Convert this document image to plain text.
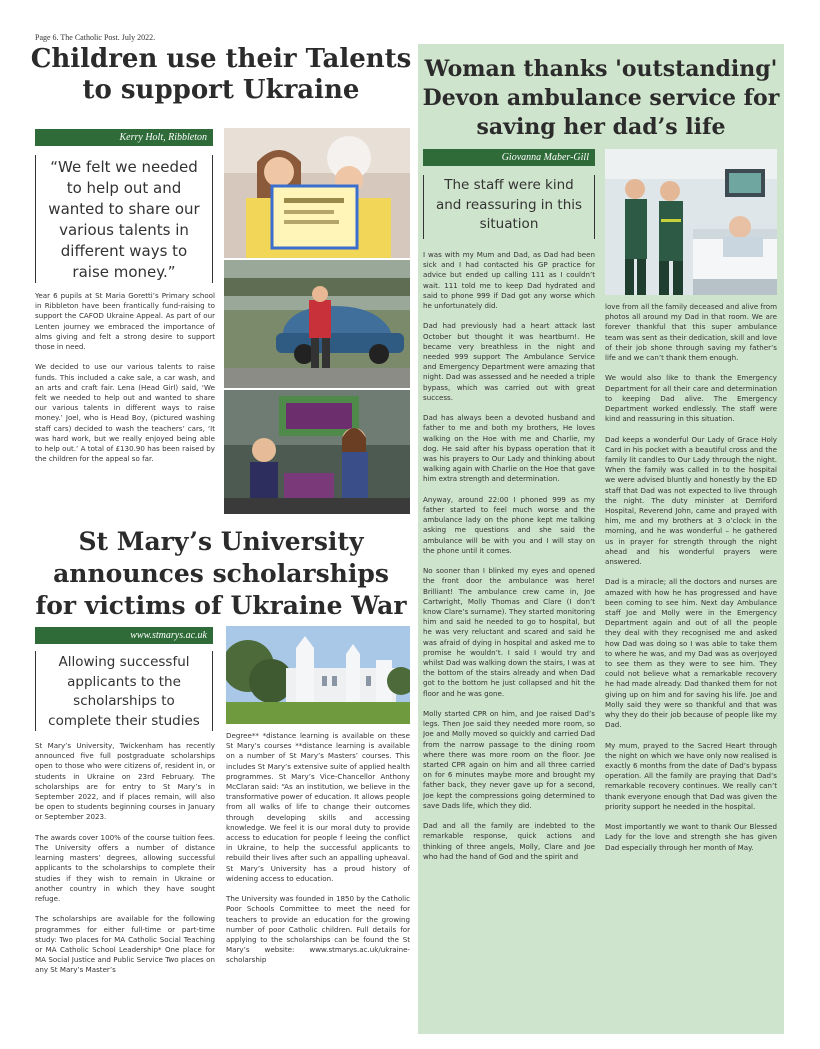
Page 6. The Catholic Post. July 2022.
Children use their Talents to support Ukraine
Kerry Holt, Ribbleton
“We felt we needed to help out and wanted to share our various talents in different ways to raise money.”

Year 6 pupils at St Maria Goretti’s Primary school in Ribbleton have been frantically fund-raising to support the CAFOD Ukraine Appeal. As part of our Lenten journey we embraced the importance of alms giving and felt a strong desire to support those in need.

We decided to use our various talents to raise funds. This included a cake sale, a car wash, and an arts and craft fair. Lena (Head Girl) said, ‘We felt we needed to help out and wanted to share our various talents in different ways to raise money.’ Joel, who is Head Boy, (pictured washing staff cars) decided to wash the teachers’ cars, ‘It was hard work, but we really enjoyed being able to help out.’ A total of £130.90 has been raised by the children for the appeal so far.

St Mary’s University announces scholarships for victims of Ukraine War
www.stmarys.ac.uk
Allowing successful applicants to the scholarships to complete their studies

St Mary’s University, Twickenham has recently announced five full postgraduate scholarships open to those who were citizens of, resident in, or students in Ukraine on 23rd February. The scholarships are for entry to St Mary’s in September 2022, and if places remain, will also be open to students beginning courses in January or September 2023.

The awards cover 100% of the course tuition fees. The University offers a number of distance learning masters’ degrees, allowing successful applicants to the scholarships to complete their studies if they wish to remain in Ukraine or another country in which they have sought refuge.

The scholarships are available for the following programmes for either full-time or part-time study: Two places for MA Catholic Social Teaching or MA Catholic School Leadership* One place for MA Social Justice and Public Service Two places on any St Mary’s Master’s

Degree** *distance learning is available on these St Mary’s courses **distance learning is available on a number of St Mary’s Masters’ courses. This includes St Mary’s extensive suite of applied health programmes. St Mary’s Vice-Chancellor Anthony McClaran said: “As an institution, we believe in the transformative power of education. It allows people from all walks of life to change their outcomes through developing skills and accessing knowledge. We feel it is our moral duty to provide access to education for people f leeing the conflict in Ukraine, to help the successful applicants to rebuild their lives after such an appalling upheaval. St Mary’s University has a proud history of widening access to education.

The University was founded in 1850 by the Catholic Poor Schools Committee to meet the need for teachers to provide an education for the growing number of poor Catholic children. Full details for applying to the scholarships can be found the St Mary’s website: www.stmarys.ac.uk/ukraine-scholarship

Woman thanks 'outstanding' Devon ambulance service for saving her dad’s life
Giovanna Maber-Gill
The staff were kind and reassuring in this situation

I was with my Mum and Dad, as Dad had been sick and I had contacted his GP practice for advice but ended up calling 111 as I couldn’t wait. 111 told me to keep Dad hydrated and said to phone 999 if Dad got any worse which he unfortunately did.

Dad had previously had a heart attack last October but thought it was heartburn!. He became very breathless in the night and needed 999 support The Ambulance Service and Emergency Department were amazing that night. Dad was assessed and he needed a triple bypass, which was carried out with great success.

Dad has always been a devoted husband and father to me and both my brothers, He loves walking on the Hoe with me and Charlie, my dog. He said after his bypass operation that it was his prayers to Our Lady and thinking about walking again with Charlie on the Hoe that gave him extra strength and determination.

Anyway, around 22:00 I phoned 999 as my father started to feel much worse and the ambulance lady on the phone kept me talking asking me questions and she said the ambulance will be with you and I will stay on the phone until it comes.

No sooner than I blinked my eyes and opened the front door the ambulance was here! Brilliant! The ambulance crew came in, Joe Cartwright, Molly Thomas and Clare (I don’t know Clare’s surname). They started monitoring him and said he needed to go to hospital, but he was very reluctant and scared and said he was afraid of dying in hospital and asked me to promise he wouldn’t. I said I would try and whilst Dad was walking down the stairs, I was at the bottom of the stairs already and when Dad got to the bottom he just collapsed and hit the floor and he was gone.

Molly started CPR on him, and Joe raised Dad’s legs. Then Joe said they needed more room, so Joe and Molly moved so quickly and carried Dad from the narrow passage to the dining room where there was more room on the floor. Joe started CPR again on him and all three carried on for 6 minutes maybe more and brought my father back, they never gave up for a second, Joe kept the compressions going determined to save Dads life, which they did.

Dad and all the family are indebted to the remarkable response, quick actions and thinking of three angels, Molly, Clare and Joe who had the hand of God and the spirit and

love from all the family deceased and alive from photos all around my Dad in that room. We are forever thankful that this super ambulance team was sent as their dedication, skill and love of their job shone through saving my father’s life and we can’t thank them enough.

We would also like to thank the Emergency Department for all their care and determination to keeping Dad alive. The Emergency Department worked endlessly. The staff were kind and reassuring in this situation.

Dad keeps a wonderful Our Lady of Grace Holy Card in his pocket with a beautiful cross and the family lit candles to Our Lady through the night. When the family was called in to the hospital we were advised bluntly and honestly by the ED staff that Dad was not expected to live through the night. The duty minister at Derriford Hospital, Reverend John, came and prayed with him, me and my brothers at 3 o’clock in the morning, and he was wonderful – he gathered us in prayer for strength through the night ahead and his wonderful prayers were answered.

Dad is a miracle; all the doctors and nurses are amazed with how he has progressed and have been coming to see him. Next day Ambulance staff Joe and Molly were in the Emergency Department again and out of all the people they deal with they recognised me and asked how Dad was doing so I was able to take them to where he was, and my Dad was as overjoyed to see them as they were to see him. They could not believe what a remarkable recovery he had made already. Dad thanked them for not giving up on him and for saving his life. Joe and Molly said they were so thankful and that was why they do their job because of people like my Dad.

My mum, prayed to the Sacred Heart through the night on which we have only now realised is exactly 6 months from the date of Dad’s bypass operation. All the family are praying that Dad’s remarkable recovery continues. We really can’t thank everyone enough that Dad was given the priority support he needed in the hospital.

Most importantly we want to thank Our Blessed Lady for the love and strength she has given Dad especially through her month of May.
